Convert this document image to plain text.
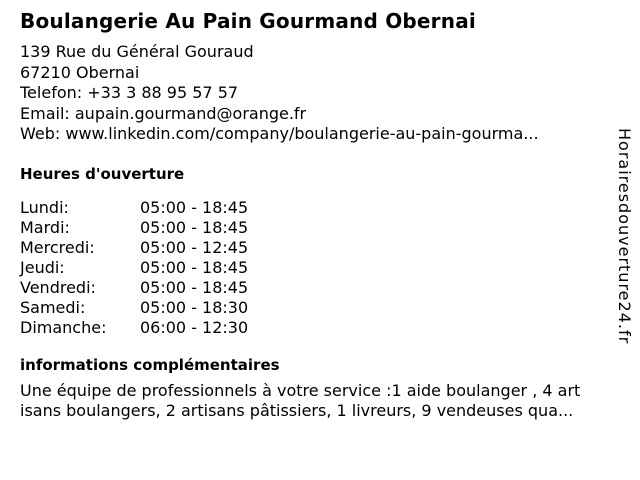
Boulangerie Au Pain Gourmand Obernai
139 Rue du Général Gouraud
67210 Obernai
Telefon: +33 3 88 95 57 57
Email: aupain.gourmand@orange.fr
Web: www.linkedin.com/company/boulangerie-au-pain-gourma...
Heures d'ouverture
Lundi:	05:00 - 18:45
Mardi:	05:00 - 18:45
Mercredi:	05:00 - 12:45
Jeudi:	05:00 - 18:45
Vendredi:	05:00 - 18:45
Samedi:	05:00 - 18:30
Dimanche: 06:00 - 12:30
informations complémentaires
Une équipe de professionnels à votre service :1 aide boulanger , 4 art
isans boulangers, 2 artisans pâtissiers, 1 livreurs, 9 vendeuses qua...
Horairesdouverture24.fr
